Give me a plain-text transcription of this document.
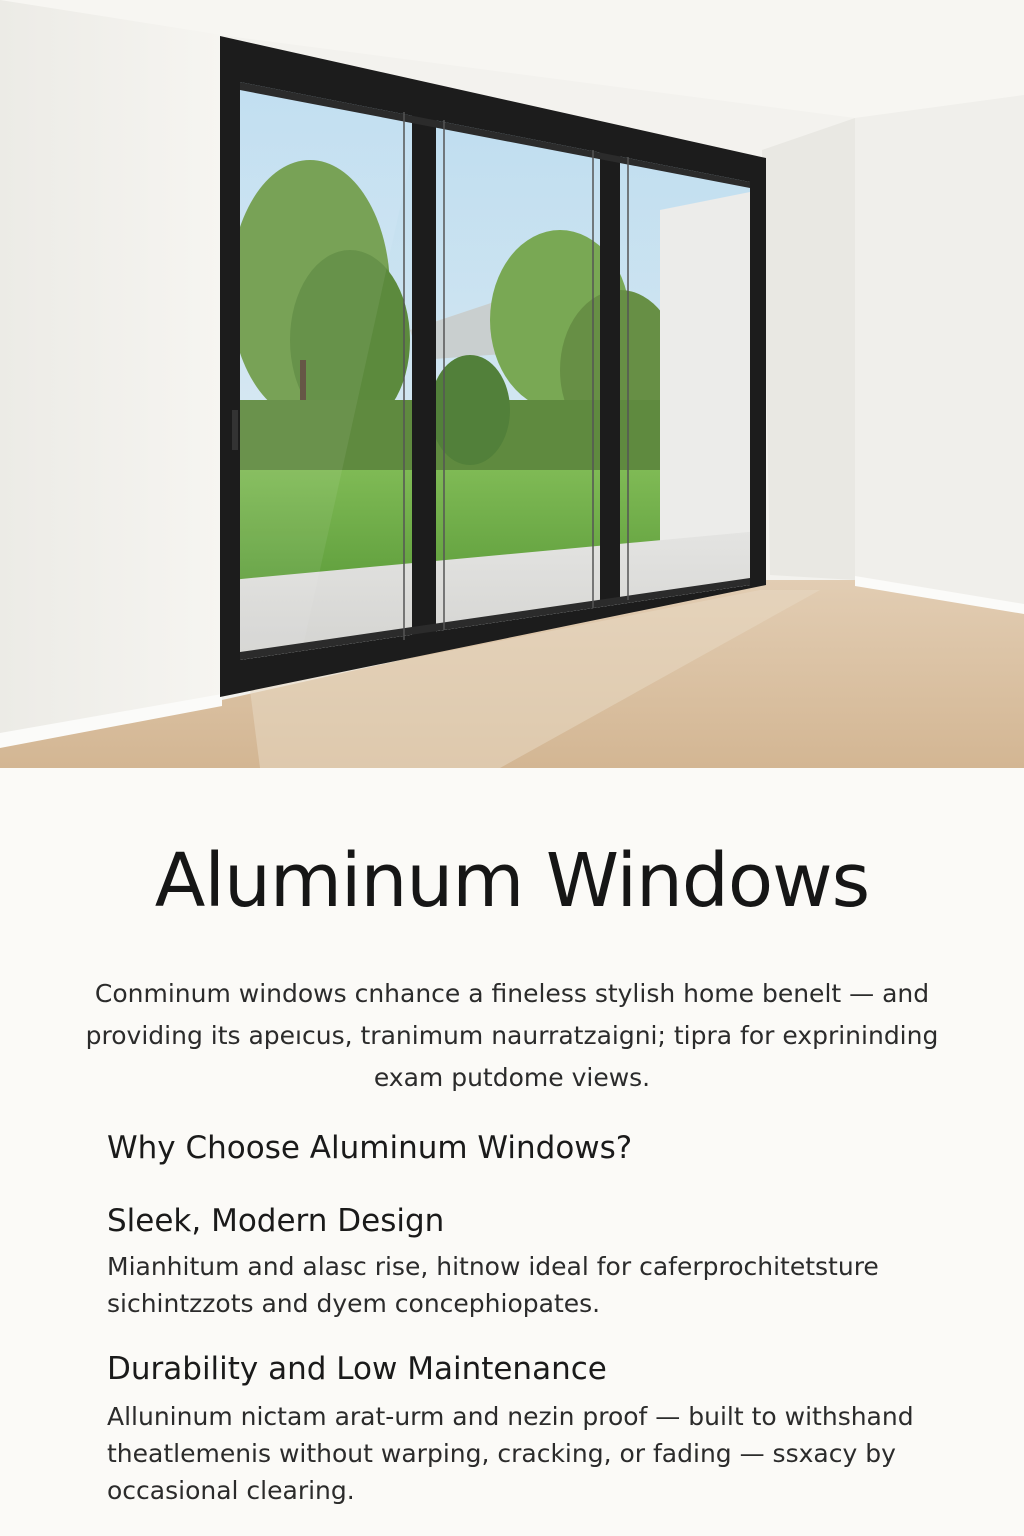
Aluminum Windows

Conminum windows cnhance a fineless stylish home benelt — and providing its apeıcus, tranimum naurratzaigni; tipra for exprininding exam putdome views.

Why Choose Aluminum Windows?
Sleek, Modern Design

Mianhitum and alasc rise, hitnow ideal for caferprochitetsture sichintzzots and dyem concephiopates.

Durability and Low Maintenance

Alluninum nictam arat-urm and nezin proof — built to withshand theatlemenis without warping, cracking, or fading — ssxacy by occasional clearing.
